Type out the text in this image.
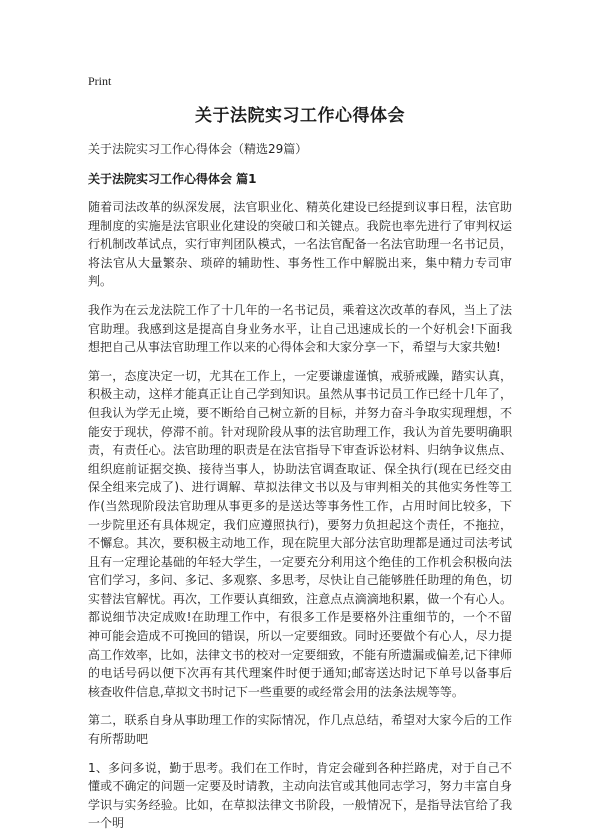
Print
关于法院实习工作心得体会
关于法院实习工作心得体会（精选29篇）
关于法院实习工作心得体会 篇1

随着司法改革的纵深发展，法官职业化、精英化建设已经提到议事日程，法官助理制度的实施是法官职业化建设的突破口和关键点。我院也率先进行了审判权运行机制改革试点，实行审判团队模式，一名法官配备一名法官助理一名书记员，将法官从大量繁杂、琐碎的辅助性、事务性工作中解脱出来，集中精力专司审判。

我作为在云龙法院工作了十几年的一名书记员，乘着这次改革的春风，当上了法官助理。我感到这是提高自身业务水平，让自己迅速成长的一个好机会!下面我想把自己从事法官助理工作以来的心得体会和大家分享一下，希望与大家共勉!

第一，态度决定一切，尤其在工作上，一定要谦虚谨慎，戒骄戒躁，踏实认真，积极主动，这样才能真正让自己学到知识。虽然从事书记员工作已经十几年了，但我认为学无止境，要不断给自己树立新的目标，并努力奋斗争取实现理想，不能安于现状，停滞不前。针对现阶段从事的法官助理工作，我认为首先要明确职责，有责任心。法官助理的职责是在法官指导下审查诉讼材料、归纳争议焦点、组织庭前证据交换、接待当事人，协助法官调查取证、保全执行(现在已经交由保全组来完成了)、进行调解、草拟法律文书以及与审判相关的其他实务性等工作(当然现阶段法官助理从事更多的是送达等事务性工作，占用时间比较多，下一步院里还有具体规定，我们应遵照执行)，要努力负担起这个责任，不拖拉，不懈怠。其次，要积极主动地工作，现在院里大部分法官助理都是通过司法考试且有一定理论基础的年轻大学生，一定要充分利用这个绝佳的工作机会积极向法官们学习，多问、多记、多观察、多思考，尽快让自己能够胜任助理的角色，切实替法官解忧。再次，工作要认真细致，注意点点滴滴地积累，做一个有心人。都说细节决定成败!在助理工作中，有很多工作是要格外注重细节的，一个不留神可能会造成不可挽回的错误，所以一定要细致。同时还要做个有心人，尽力提高工作效率，比如，法律文书的校对一定要细致，不能有所遗漏或偏差,记下律师的电话号码以便下次再有其代理案件时便于通知;邮寄送达时记下单号以备事后核查收件信息,草拟文书时记下一些重要的或经常会用的法条法规等等。

第二，联系自身从事助理工作的实际情况，作几点总结，希望对大家今后的工作有所帮助吧

1、多问多说，勤于思考。我们在工作时，肯定会碰到各种拦路虎，对于自己不懂或不确定的问题一定要及时请教，主动向法官或其他同志学习，努力丰富自身学识与实务经验。比如，在草拟法律文书阶段，一般情况下，是指导法官给了我一个明
